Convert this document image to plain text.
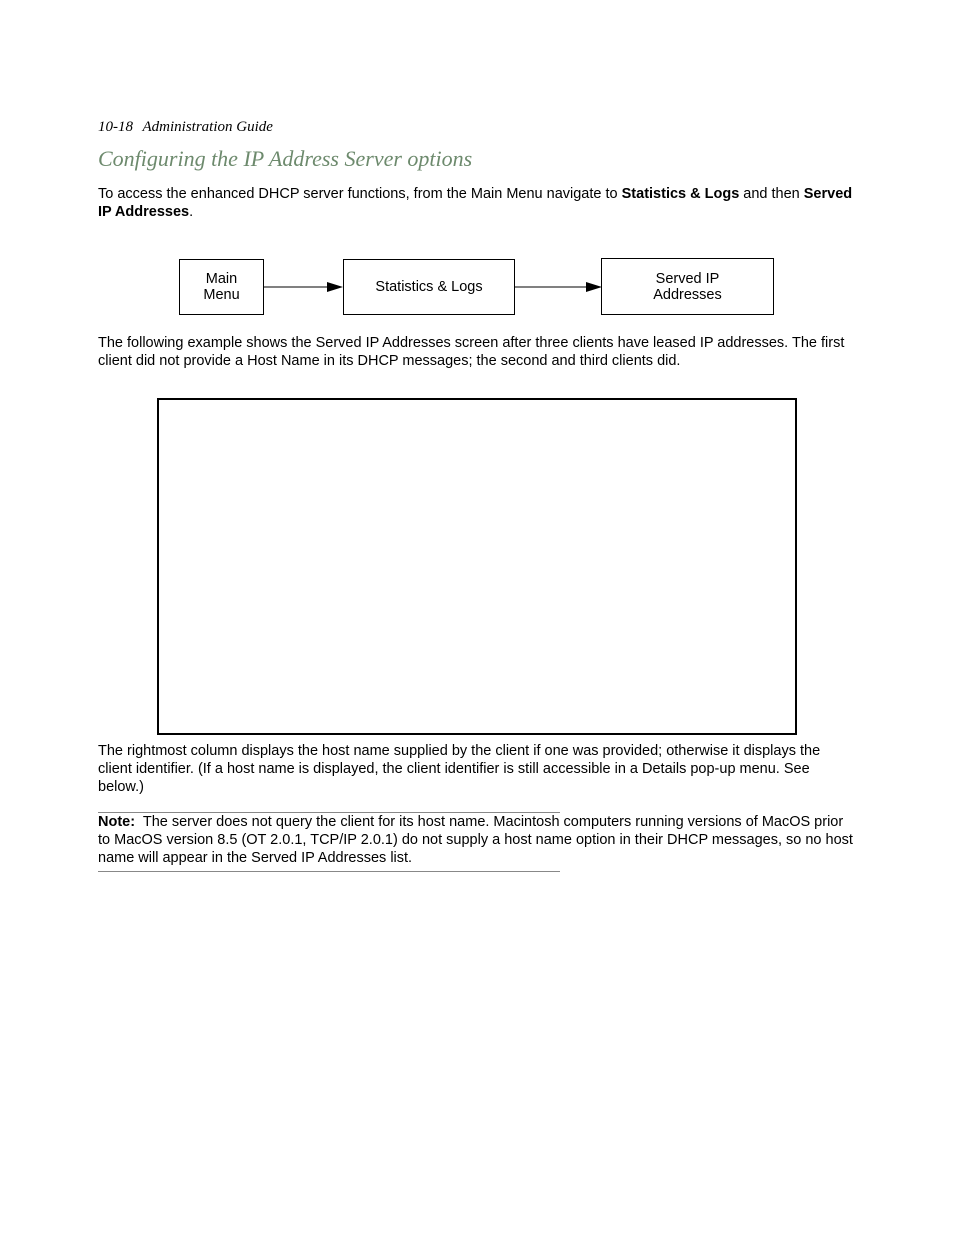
10-18 Administration Guide
Configuring the IP Address Server options

To access the enhanced DHCP server functions, from the Main Menu navigate to Statistics & Logs and then Served IP Addresses.

Main
Menu	Statistics & Logs
Served IP
Addresses

The following example shows the Served IP Addresses screen after three clients have leased IP addresses. The first client did not provide a Host Name in its DHCP messages; the second and third clients did.

The rightmost column displays the host name supplied by the client if one was provided; otherwise it displays the client identifier. (If a host name is displayed, the client identifier is still accessible in a Details pop-up menu. See below.)

Note: The server does not query the client for its host name. Macintosh computers running versions of MacOS prior to MacOS version 8.5 (OT 2.0.1, TCP/IP 2.0.1) do not supply a host name option in their DHCP messages, so no host name will appear in the Served IP Addresses list.
